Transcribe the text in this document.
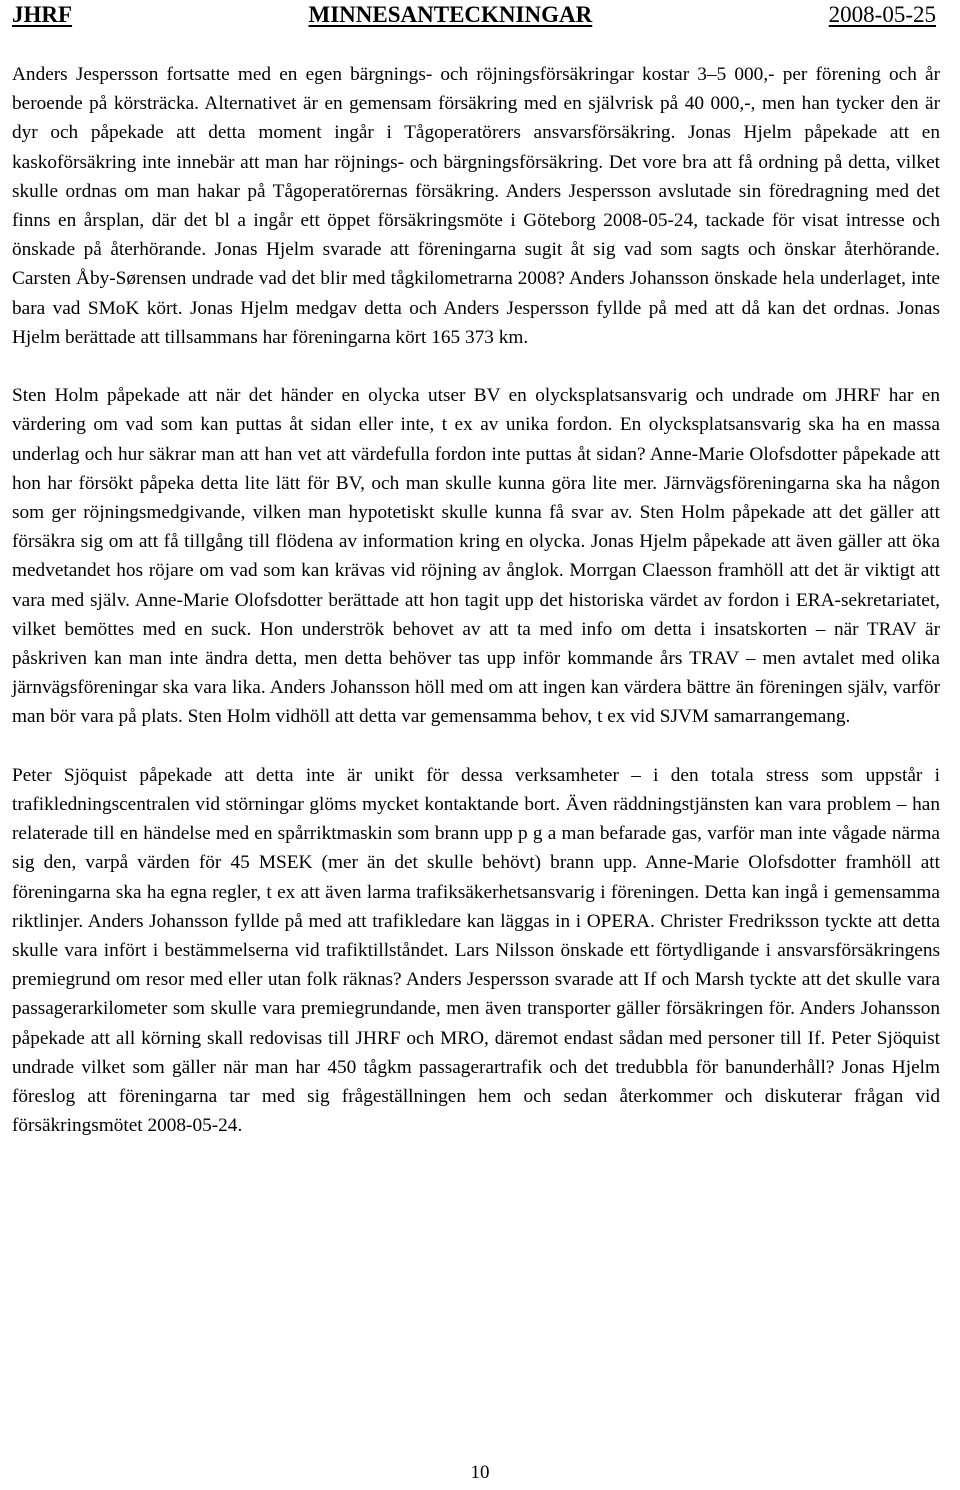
JHRF	MINNESANTECKNINGAR	2008-05-25

Anders Jespersson fortsatte med en egen bärgnings- och röjningsförsäkringar kostar 3–5 000,- per förening och år beroende på körsträcka. Alternativet är en gemensam försäkring med en självrisk på 40 000,-, men han tycker den är dyr och påpekade att detta moment ingår i Tågoperatörers ansvarsförsäkring. Jonas Hjelm påpekade att en kaskoförsäkring inte innebär att man har röjnings- och bärgningsförsäkring. Det vore bra att få ordning på detta, vilket skulle ordnas om man hakar på Tågoperatörernas försäkring. Anders Jespersson avslutade sin föredragning med det finns en årsplan, där det bl a ingår ett öppet försäkringsmöte i Göteborg 2008-05-24, tackade för visat intresse och önskade på återhörande. Jonas Hjelm svarade att föreningarna sugit åt sig vad som sagts och önskar återhörande. Carsten Åby-Sørensen undrade vad det blir med tågkilometrarna 2008? Anders Johansson önskade hela underlaget, inte bara vad SMoK kört. Jonas Hjelm medgav detta och Anders Jespersson fyllde på med att då kan det ordnas. Jonas Hjelm berättade att tillsammans har föreningarna kört 165 373 km.

Sten Holm påpekade att när det händer en olycka utser BV en olycksplatsansvarig och undrade om JHRF har en värdering om vad som kan puttas åt sidan eller inte, t ex av unika fordon. En olycksplatsansvarig ska ha en massa underlag och hur säkrar man att han vet att värdefulla fordon inte puttas åt sidan? Anne-Marie Olofsdotter påpekade att hon har försökt påpeka detta lite lätt för BV, och man skulle kunna göra lite mer. Järnvägsföreningarna ska ha någon som ger röjningsmedgivande, vilken man hypotetiskt skulle kunna få svar av. Sten Holm påpekade att det gäller att försäkra sig om att få tillgång till flödena av information kring en olycka. Jonas Hjelm påpekade att även gäller att öka medvetandet hos röjare om vad som kan krävas vid röjning av ånglok. Morrgan Claesson framhöll att det är viktigt att vara med själv. Anne-Marie Olofsdotter berättade att hon tagit upp det historiska värdet av fordon i ERA-sekretariatet, vilket bemöttes med en suck. Hon underströk behovet av att ta med info om detta i insatskorten – när TRAV är påskriven kan man inte ändra detta, men detta behöver tas upp inför kommande års TRAV – men avtalet med olika järnvägsföreningar ska vara lika. Anders Johansson höll med om att ingen kan värdera bättre än föreningen själv, varför man bör vara på plats. Sten Holm vidhöll att detta var gemensamma behov, t ex vid SJVM samarrangemang.

Peter Sjöquist påpekade att detta inte är unikt för dessa verksamheter – i den totala stress som uppstår i trafikledningscentralen vid störningar glöms mycket kontaktande bort. Även räddningstjänsten kan vara problem – han relaterade till en händelse med en spårriktmaskin som brann upp p g a man befarade gas, varför man inte vågade närma sig den, varpå värden för 45 MSEK (mer än det skulle behövt) brann upp. Anne-Marie Olofsdotter framhöll att föreningarna ska ha egna regler, t ex att även larma trafiksäkerhetsansvarig i föreningen. Detta kan ingå i gemensamma riktlinjer. Anders Johansson fyllde på med att trafikledare kan läggas in i OPERA. Christer Fredriksson tyckte att detta skulle vara infört i bestämmelserna vid trafiktillståndet. Lars Nilsson önskade ett förtydligande i ansvarsförsäkringens premiegrund om resor med eller utan folk räknas? Anders Jespersson svarade att If och Marsh tyckte att det skulle vara passagerarkilometer som skulle vara premiegrundande, men även transporter gäller försäkringen för. Anders Johansson påpekade att all körning skall redovisas till JHRF och MRO, däremot endast sådan med personer till If. Peter Sjöquist undrade vilket som gäller när man har 450 tågkm passagerartrafik och det tredubbla för banunderhåll? Jonas Hjelm föreslog att föreningarna tar med sig frågeställningen hem och sedan återkommer och diskuterar frågan vid försäkringsmötet 2008-05-24.

10
